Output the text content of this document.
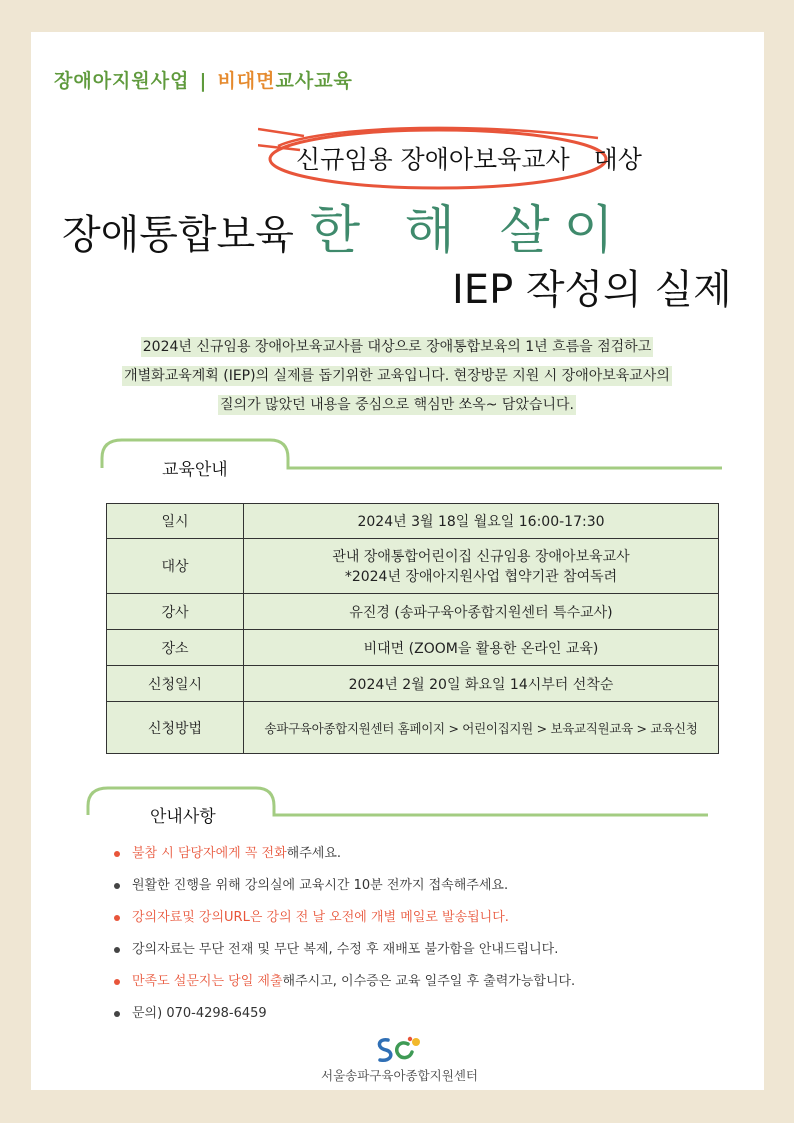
장애아지원사업 | 비대면교사교육
신규임용 장애아보육교사 대상
장애통합보육 한 해 살이
IEP 작성의 실제
2024년 신규임용 장애아보육교사를 대상으로 장애통합보육의 1년 흐름을 점검하고
개별화교육계획 (IEP)의 실제를 돕기위한 교육입니다. 현장방문 지원 시 장애아보육교사의
질의가 많았던 내용을 중심으로 핵심만 쏘옥~ 담았습니다.
교육안내
일시	2024년 3월 18일 월요일 16:00-17:30
대상	관내 장애통합어린이집 신규임용 장애아보육교사
*2024년 장애아지원사업 협약기관 참여독려

강사	유진경 (송파구육아종합지원센터 특수교사)
장소	비대면 (ZOOM을 활용한 온라인 교육)
신청일시	2024년 2월 20일 화요일 14시부터 선착순
신청방법	송파구육아종합지원센터 홈페이지 > 어린이집지원 > 보육교직원교육 > 교육신청
안내사항
불참 시 담당자에게 꼭 전화해주세요.
원활한 진행을 위해 강의실에 교육시간 10분 전까지 접속해주세요.
강의자료및 강의URL은 강의 전 날 오전에 개별 메일로 발송됩니다.
강의자료는 무단 전재 및 무단 복제, 수정 후 재배포 불가함을 안내드립니다.
만족도 설문지는 당일 제출해주시고, 이수증은 교육 일주일 후 출력가능합니다.
문의) 070-4298-6459
서울송파구육아종합지원센터
